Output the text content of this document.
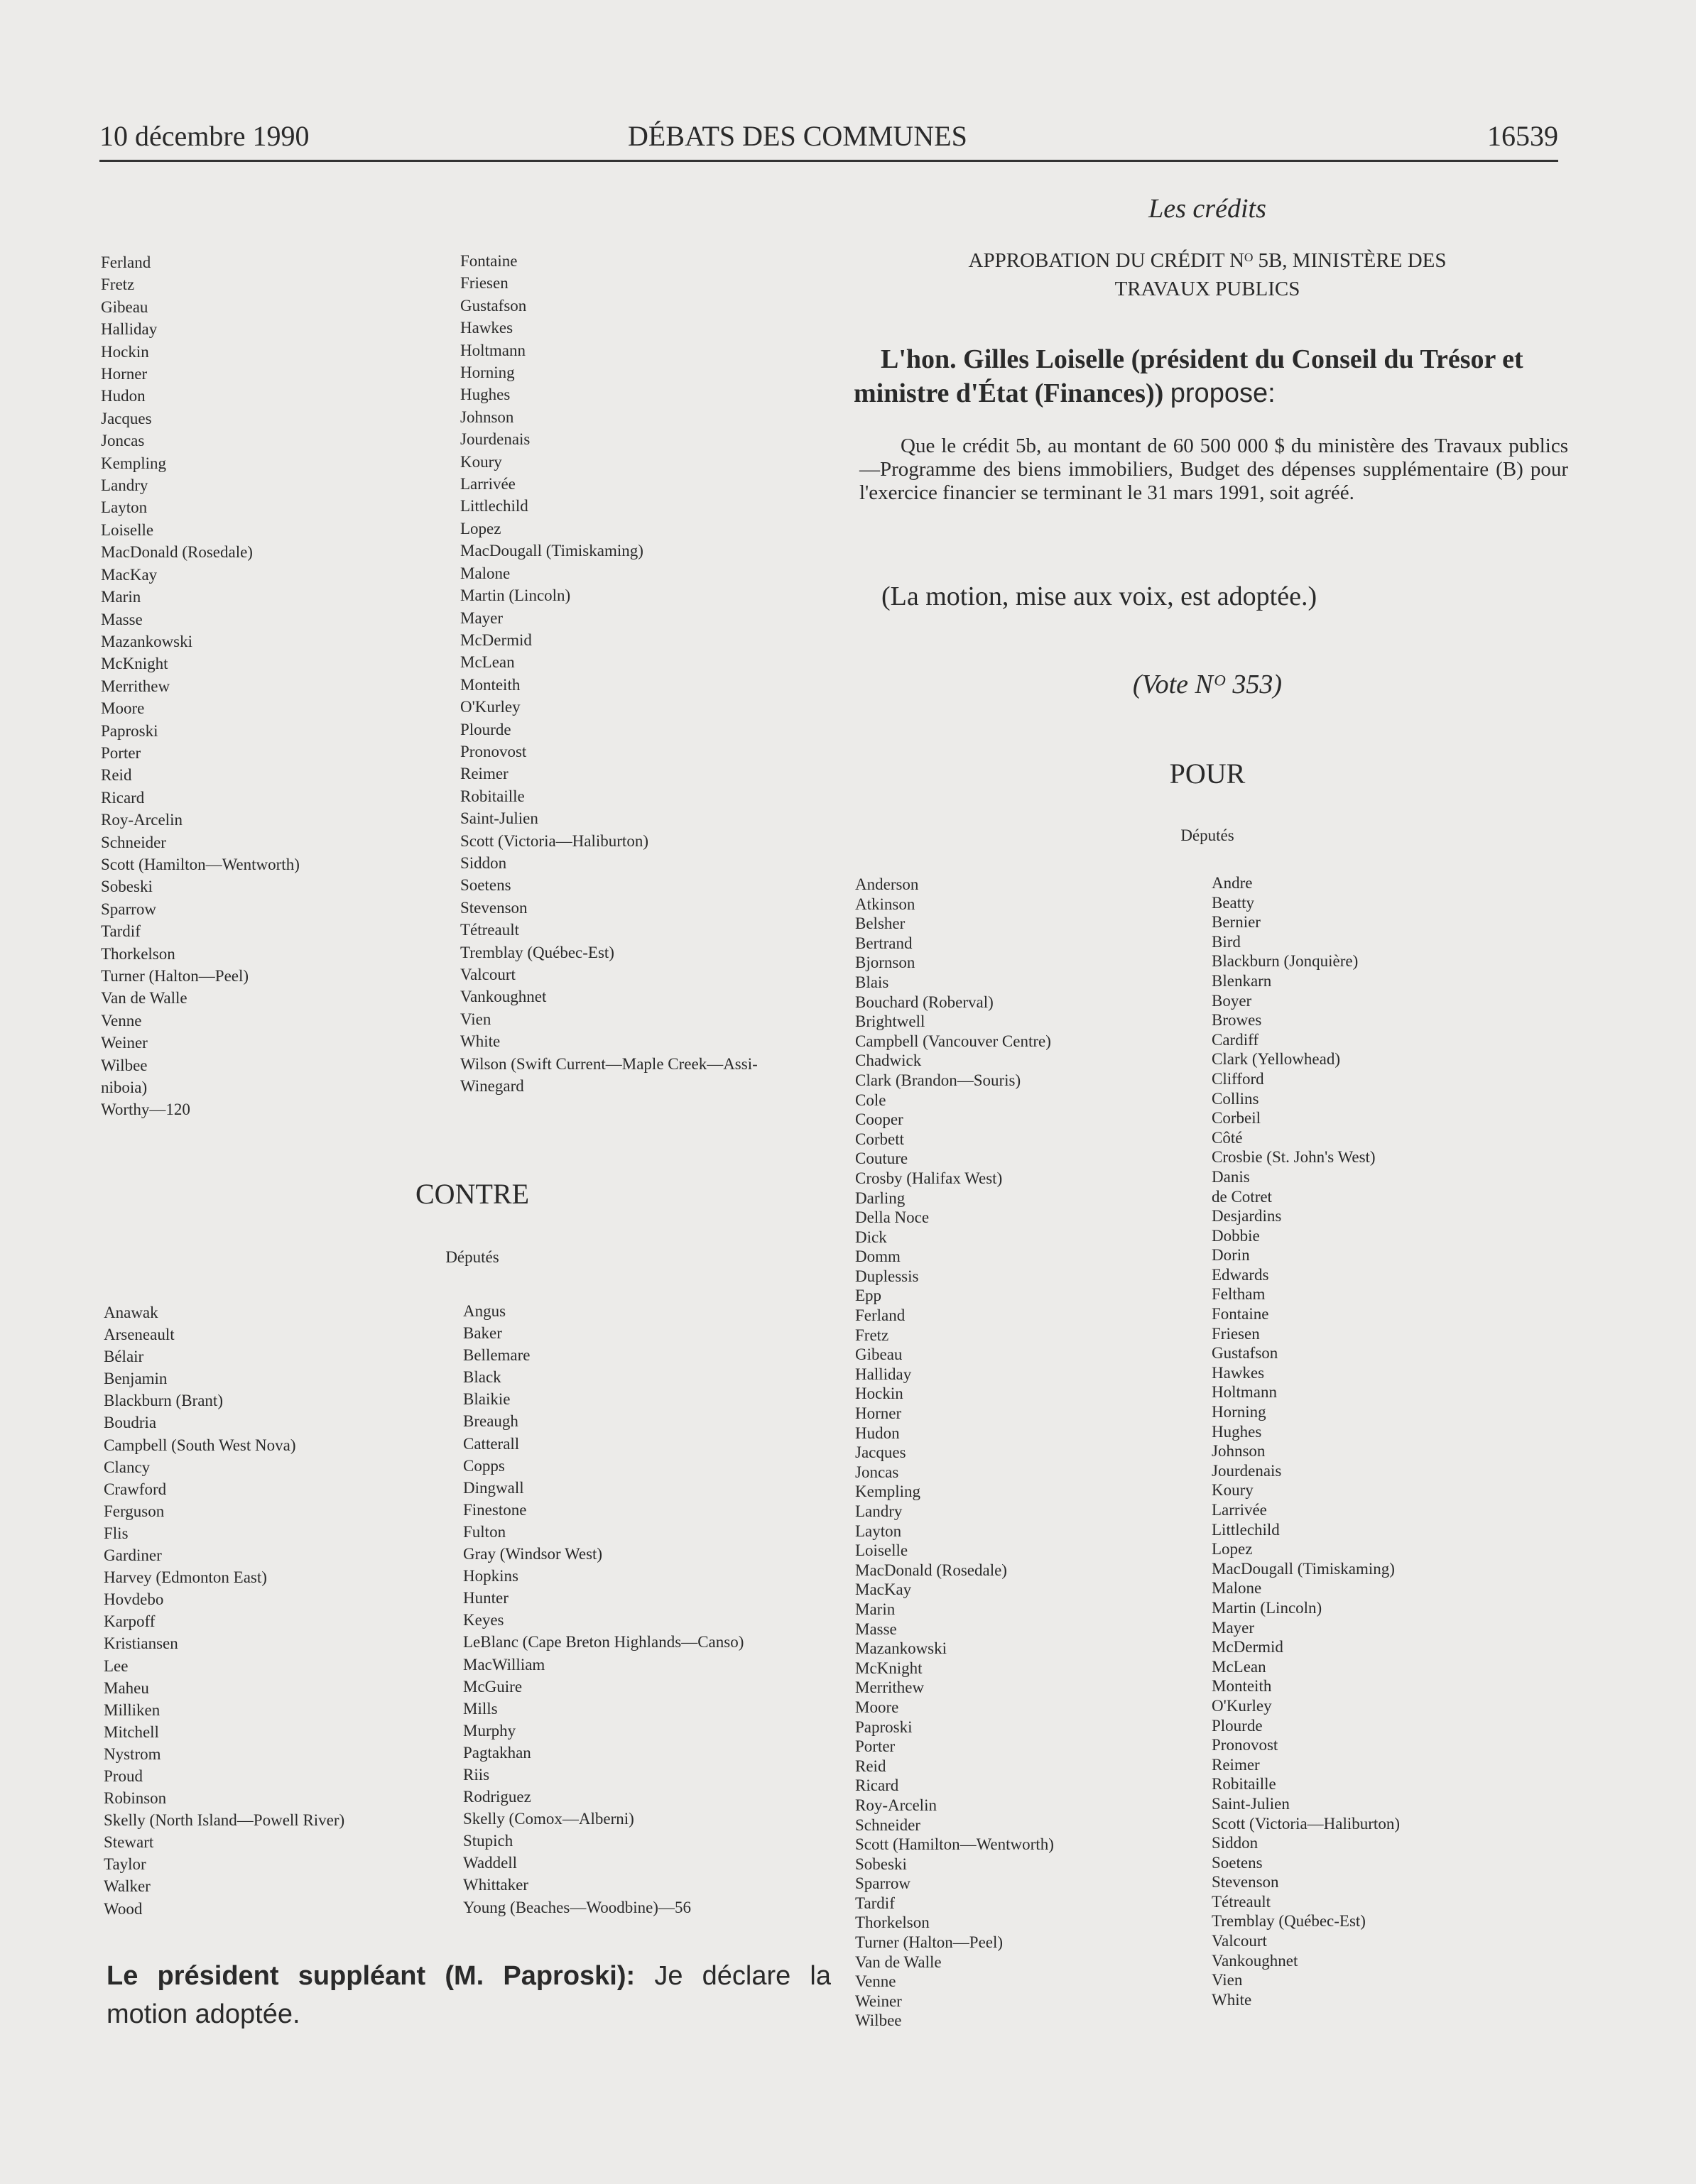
10 décembre 1990	DÉBATS DES COMMUNES	16539
Ferland
Fretz
Gibeau
Halliday
Hockin
Horner
Hudon
Jacques
Joncas
Kempling
Landry
Layton
Loiselle
MacDonald (Rosedale)
MacKay
Marin
Masse
Mazankowski
McKnight
Merrithew
Moore
Paproski
Porter
Reid
Ricard
Roy-Arcelin
Schneider
Scott (Hamilton—Wentworth)
Sobeski
Sparrow
Tardif
Thorkelson
Turner (Halton—Peel)
Van de Walle
Venne
Weiner
Wilbee
niboia)
Worthy—120
Fontaine
Friesen
Gustafson
Hawkes
Holtmann
Horning
Hughes
Johnson
Jourdenais
Koury
Larrivée
Littlechild
Lopez
MacDougall (Timiskaming)
Malone
Martin (Lincoln)
Mayer
McDermid
McLean
Monteith
O'Kurley
Plourde
Pronovost
Reimer
Robitaille
Saint-Julien
Scott (Victoria—Haliburton)
Siddon
Soetens
Stevenson
Tétreault
Tremblay (Québec-Est)
Valcourt
Vankoughnet
Vien
White
Wilson (Swift Current—Maple Creek—Assi-
Winegard
CONTRE
Députés
Anawak
Arseneault
Bélair
Benjamin
Blackburn (Brant)
Boudria
Campbell (South West Nova)
Clancy
Crawford
Ferguson
Flis
Gardiner
Harvey (Edmonton East)
Hovdebo
Karpoff
Kristiansen
Lee
Maheu
Milliken
Mitchell
Nystrom
Proud
Robinson
Skelly (North Island—Powell River)
Stewart
Taylor
Walker
Wood
Angus
Baker
Bellemare
Black
Blaikie
Breaugh
Catterall
Copps
Dingwall
Finestone
Fulton
Gray (Windsor West)
Hopkins
Hunter
Keyes
LeBlanc (Cape Breton Highlands—Canso)
MacWilliam
McGuire
Mills
Murphy
Pagtakhan
Riis
Rodriguez
Skelly (Comox—Alberni)
Stupich
Waddell
Whittaker
Young (Beaches—Woodbine)—56
Le président suppléant (M. Paproski): Je déclare la motion adoptée.
Les crédits
APPROBATION DU CRÉDIT Nᴼ 5B, MINISTÈRE DES
TRAVAUX PUBLICS
L'hon. Gilles Loiselle (président du Conseil du Trésor et ministre d'État (Finances)) propose:

Que le crédit 5b, au montant de 60 500 000 $ du ministère des Travaux publics—Programme des biens immobiliers, Budget des dépenses supplémentaire (B) pour l'exercice financier se terminant le 31 mars 1991, soit agréé.

(La motion, mise aux voix, est adoptée.)
(Vote Nᴼ 353)
POUR
Députés
Anderson
Atkinson
Belsher
Bertrand
Bjornson
Blais
Bouchard (Roberval)
Brightwell
Campbell (Vancouver Centre)
Chadwick
Clark (Brandon—Souris)
Cole
Cooper
Corbett
Couture
Crosby (Halifax West)
Darling
Della Noce
Dick
Domm
Duplessis
Epp
Ferland
Fretz
Gibeau
Halliday
Hockin
Horner
Hudon
Jacques
Joncas
Kempling
Landry
Layton
Loiselle
MacDonald (Rosedale)
MacKay
Marin
Masse
Mazankowski
McKnight
Merrithew
Moore
Paproski
Porter
Reid
Ricard
Roy-Arcelin
Schneider
Scott (Hamilton—Wentworth)
Sobeski
Sparrow
Tardif
Thorkelson
Turner (Halton—Peel)
Van de Walle
Venne
Weiner
Wilbee
Andre
Beatty
Bernier
Bird
Blackburn (Jonquière)
Blenkarn
Boyer
Browes
Cardiff
Clark (Yellowhead)
Clifford
Collins
Corbeil
Côté
Crosbie (St. John's West)
Danis
de Cotret
Desjardins
Dobbie
Dorin
Edwards
Feltham
Fontaine
Friesen
Gustafson
Hawkes
Holtmann
Horning
Hughes
Johnson
Jourdenais
Koury
Larrivée
Littlechild
Lopez
MacDougall (Timiskaming)
Malone
Martin (Lincoln)
Mayer
McDermid
McLean
Monteith
O'Kurley
Plourde
Pronovost
Reimer
Robitaille
Saint-Julien
Scott (Victoria—Haliburton)
Siddon
Soetens
Stevenson
Tétreault
Tremblay (Québec-Est)
Valcourt
Vankoughnet
Vien
White
